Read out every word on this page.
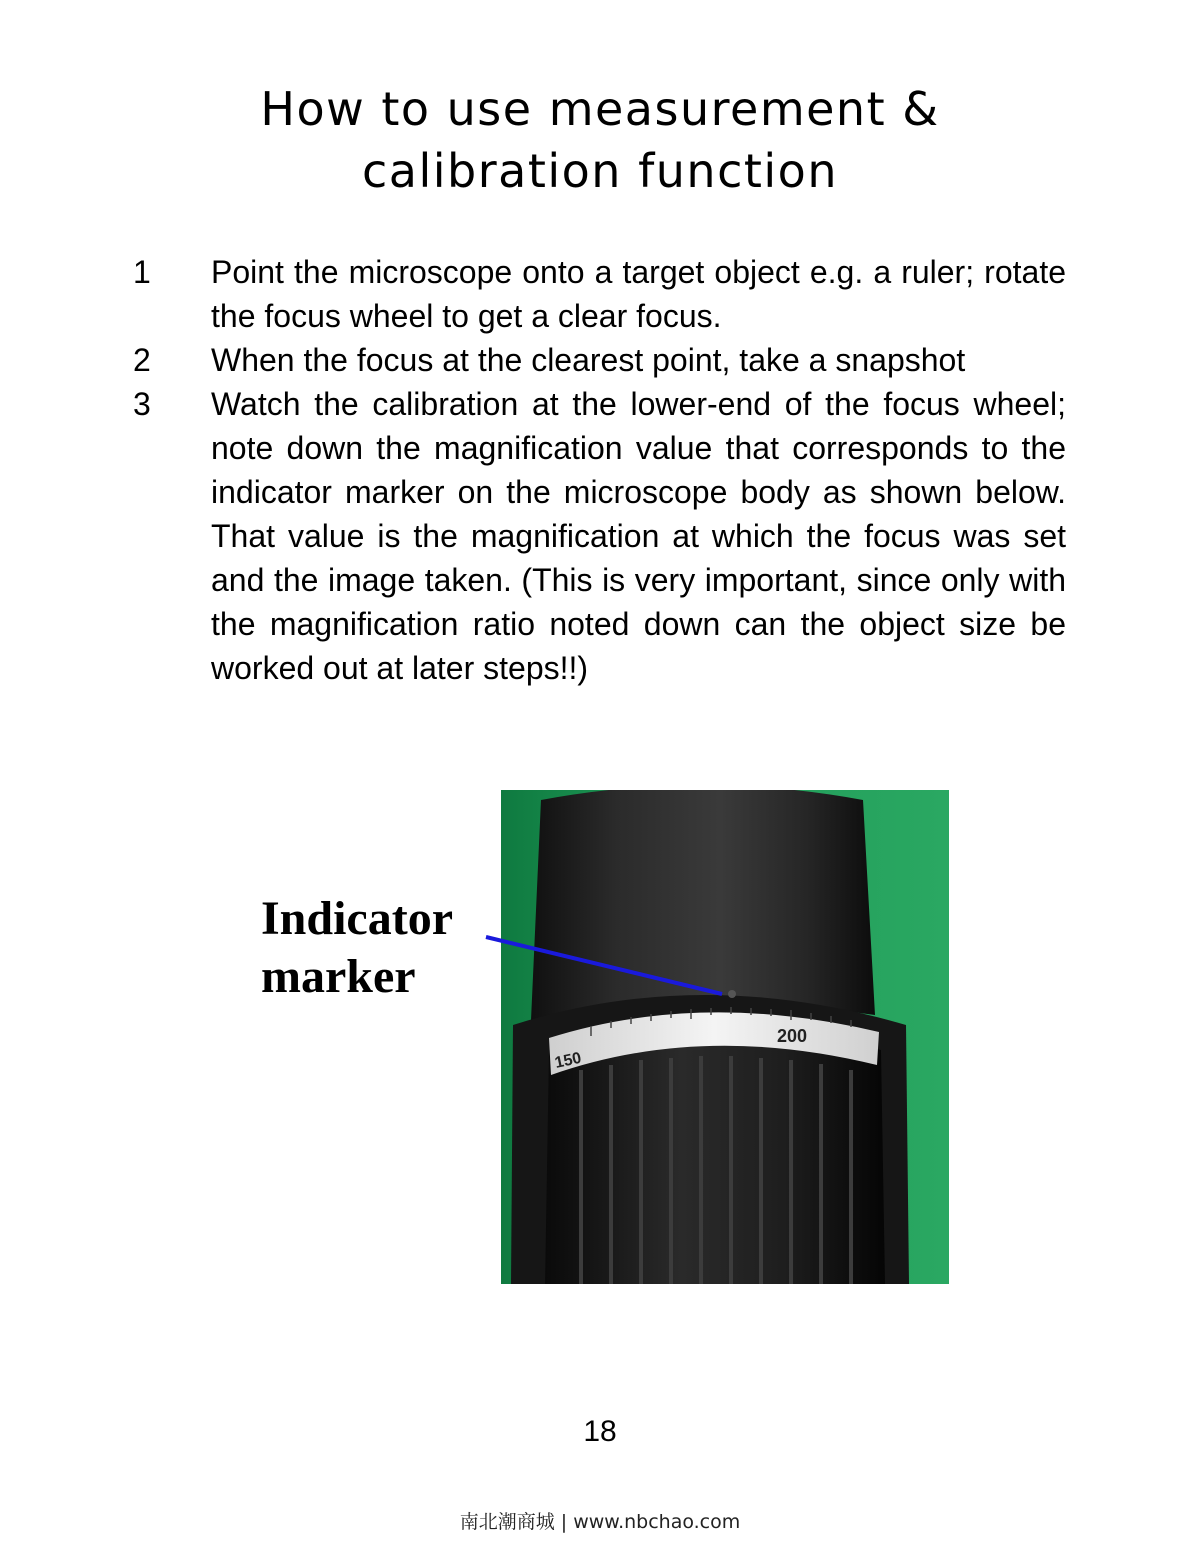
How to use measurement &
calibration function
1	Point the microscope onto a target object e.g. a ruler; rotate the focus wheel to get a clear focus.
2	When the focus at the clearest point, take a snapshot
3	Watch the calibration at the lower-end of the focus wheel; note down the magnification value that corresponds to the indicator marker on the microscope body as shown below. That value is the magnification at which the focus was set and the image taken. (This is very important, since only with the magnification ratio noted down can the object size be worked out at later steps!!)
Indicator
marker
150
200
18
南北潮商城 | www.nbchao.com
